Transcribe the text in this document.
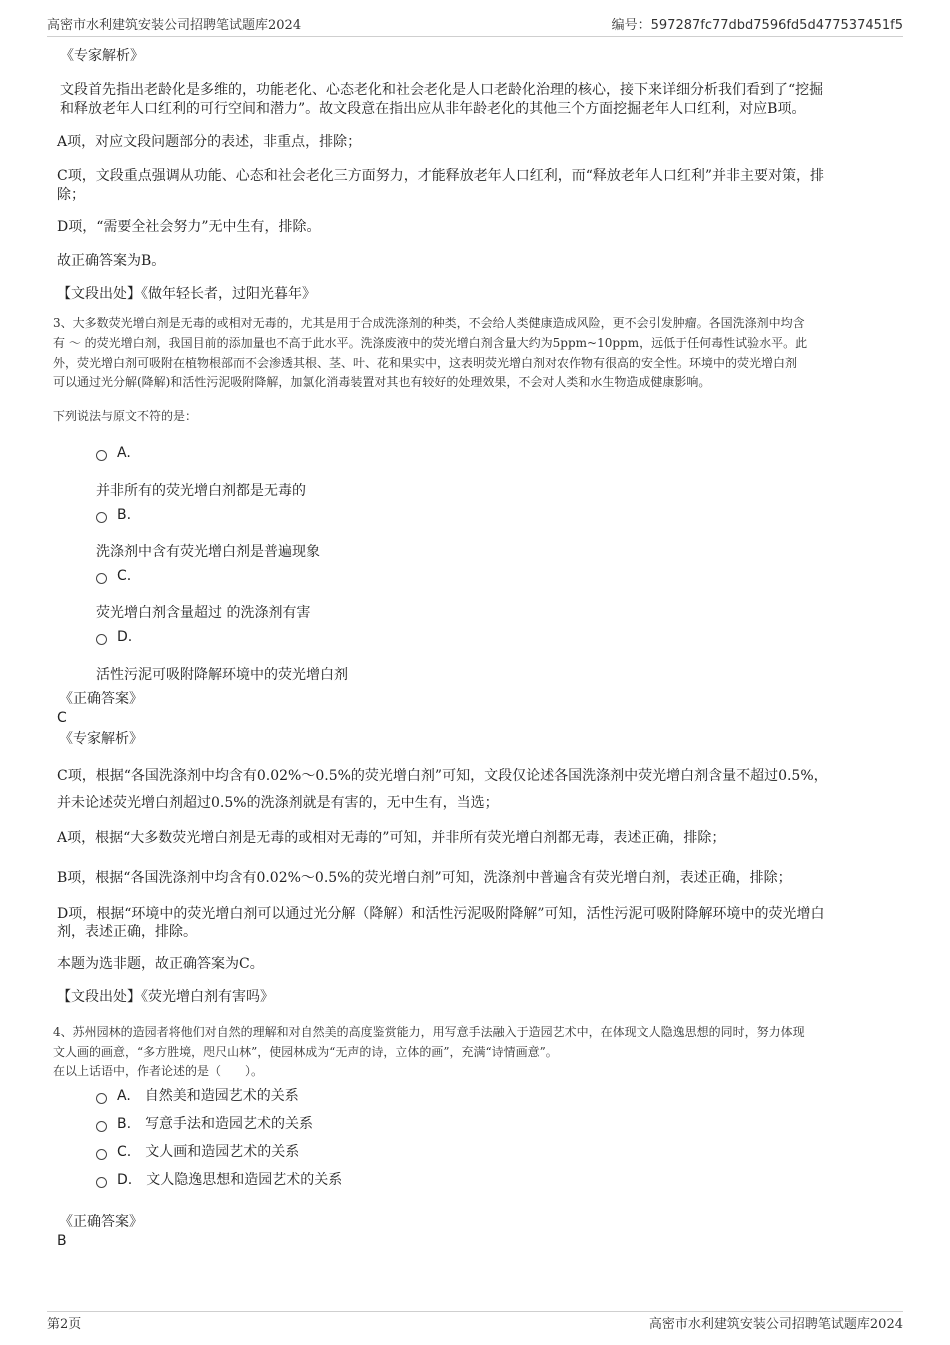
高密市水利建筑安装公司招聘笔试题库2024	编号：597287fc77dbd7596fd5d477537451f5
《专家解析》
文段首先指出老龄化是多维的，功能老化、心态老化和社会老化是人口老龄化治理的核心，接下来详细分析我们看到了“挖掘
和释放老年人口红利的可行空间和潜力”。故文段意在指出应从非年龄老化的其他三个方面挖掘老年人口红利，对应B项。
A项，对应文段问题部分的表述，非重点，排除；
C项，文段重点强调从功能、心态和社会老化三方面努力，才能释放老年人口红利，而“释放老年人口红利”并非主要对策，排
除；
D项，“需要全社会努力”无中生有，排除。
故正确答案为B。
【文段出处】《做年轻长者，过阳光暮年》
3、大多数荧光增白剂是无毒的或相对无毒的，尤其是用于合成洗涤剂的种类，不会给人类健康造成风险，更不会引发肿瘤。各国洗涤剂中均含
有 ～ 的荧光增白剂，我国目前的添加量也不高于此水平。洗涤废液中的荧光增白剂含量大约为5ppm~10ppm，远低于任何毒性试验水平。此
外，荧光增白剂可吸附在植物根部而不会渗透其根、茎、叶、花和果实中，这表明荧光增白剂对农作物有很高的安全性。环境中的荧光增白剂
可以通过光分解(降解)和活性污泥吸附降解，加氯化消毒装置对其也有较好的处理效果，不会对人类和水生物造成健康影响。
下列说法与原文不符的是：
A.
并非所有的荧光增白剂都是无毒的
B.
洗涤剂中含有荧光增白剂是普遍现象
C.
荧光增白剂含量超过 的洗涤剂有害
D.
活性污泥可吸附降解环境中的荧光增白剂
《正确答案》
C
《专家解析》
C项，根据“各国洗涤剂中均含有0.02%～0.5%的荧光增白剂”可知，文段仅论述各国洗涤剂中荧光增白剂含量不超过0.5%，
并未论述荧光增白剂超过0.5%的洗涤剂就是有害的，无中生有，当选；
A项，根据“大多数荧光增白剂是无毒的或相对无毒的”可知，并非所有荧光增白剂都无毒，表述正确，排除；
B项，根据“各国洗涤剂中均含有0.02%～0.5%的荧光增白剂”可知，洗涤剂中普遍含有荧光增白剂，表述正确，排除；
D项，根据“环境中的荧光增白剂可以通过光分解（降解）和活性污泥吸附降解”可知，活性污泥可吸附降解环境中的荧光增白
剂，表述正确，排除。
本题为选非题，故正确答案为C。
【文段出处】《荧光增白剂有害吗》
4、苏州园林的造园者将他们对自然的理解和对自然美的高度鉴赏能力，用写意手法融入于造园艺术中，在体现文人隐逸思想的同时，努力体现
文人画的画意，“多方胜境，咫尺山林”，使园林成为“无声的诗，立体的画”，充满“诗情画意”。
在以上话语中，作者论述的是（　　）。
A. 自然美和造园艺术的关系
B. 写意手法和造园艺术的关系
C. 文人画和造园艺术的关系
D. 文人隐逸思想和造园艺术的关系
《正确答案》
B
第2页	高密市水利建筑安装公司招聘笔试题库2024
